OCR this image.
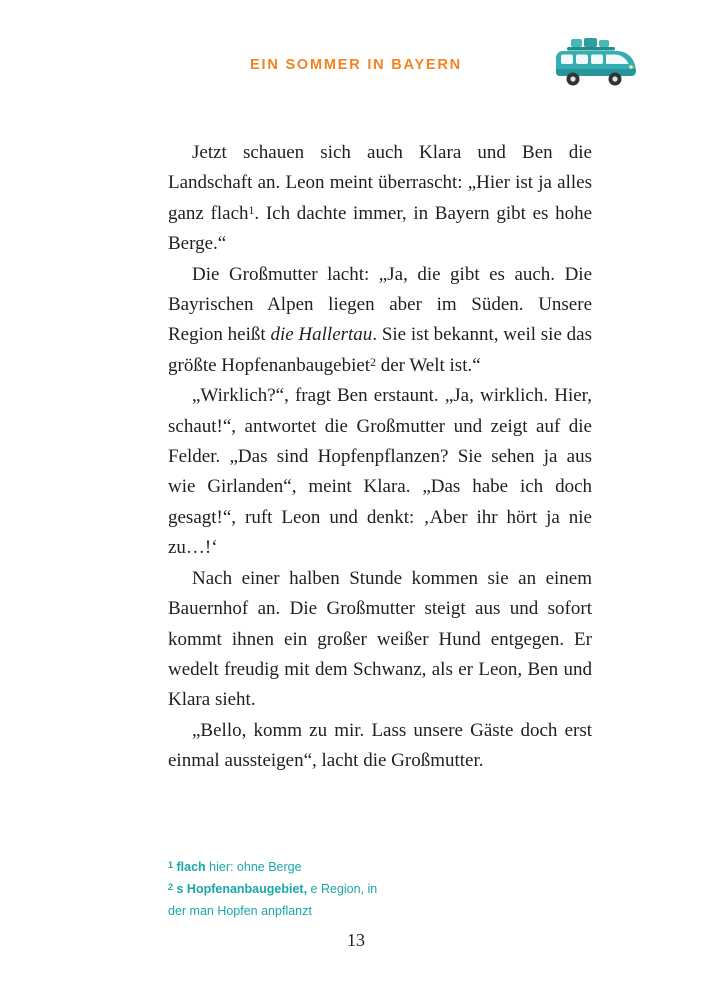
EIN SOMMER IN BAYERN

Jetzt schauen sich auch Klara und Ben die Landschaft an. Leon meint überrascht: „Hier ist ja alles ganz flach$^1$. Ich dachte immer, in Bayern gibt es hohe Berge.“

Die Großmutter lacht: „Ja, die gibt es auch. Die Bayrischen Alpen liegen aber im Süden. Unsere Region heißt die Hallertau. Sie ist bekannt, weil sie das größte Hopfenanbaugebiet$^2$ der Welt ist.“

„Wirklich?“, fragt Ben erstaunt. „Ja, wirklich. Hier, schaut!“, antwortet die Großmutter und zeigt auf die Felder. „Das sind Hopfenpflanzen? Sie sehen ja aus wie Girlanden“, meint Klara. „Das habe ich doch gesagt!“, ruft Leon und denkt: ‚Aber ihr hört ja nie zu…!‘

Nach einer halben Stunde kommen sie an einem Bauernhof an. Die Großmutter steigt aus und sofort kommt ihnen ein großer weißer Hund entgegen. Er wedelt freudig mit dem Schwanz, als er Leon, Ben und Klara sieht.

„Bello, komm zu mir. Lass unsere Gäste doch erst einmal aussteigen“, lacht die Großmutter.

$^1$ flach hier: ohne Berge
$^2$ s Hopfenanbaugebiet, e Region, in der man Hopfen anpflanzt
13
